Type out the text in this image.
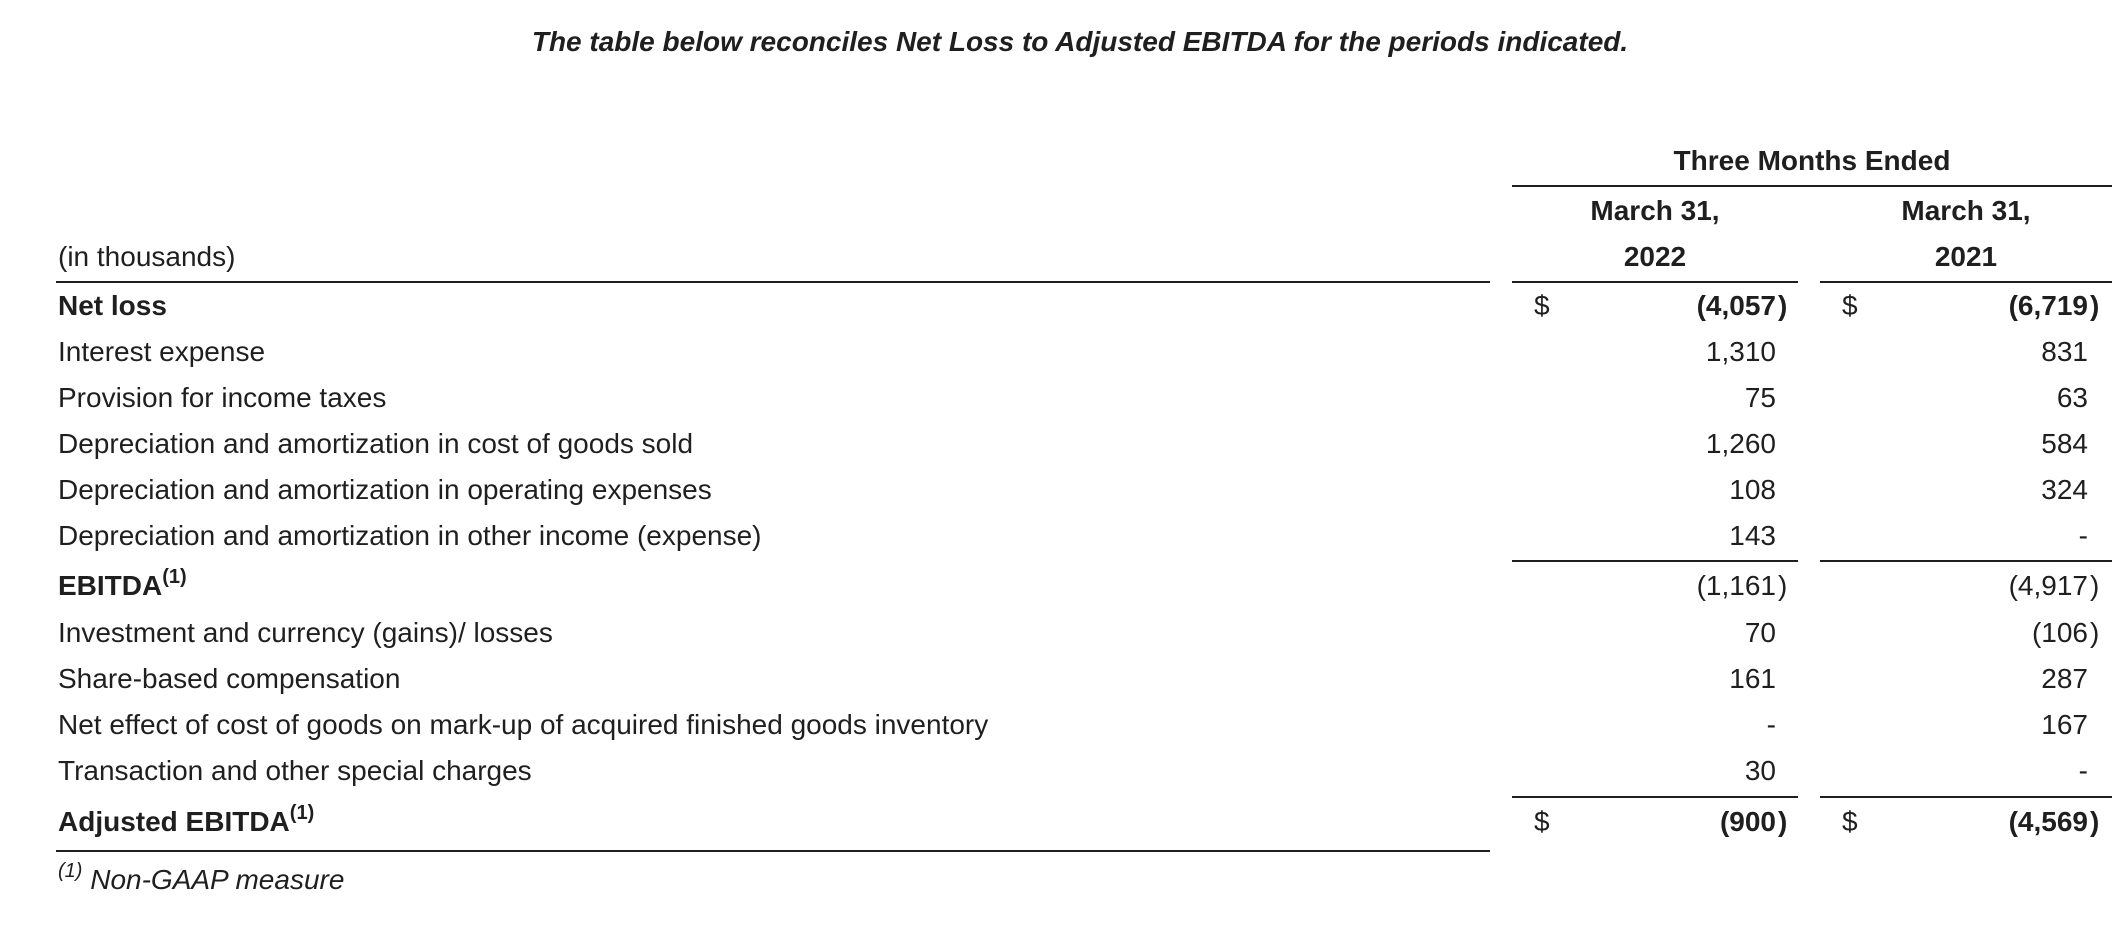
The table below reconciles Net Loss to Adjusted EBITDA for the periods indicated.
Three Months Ended
March 31,
2022
March 31,
2021
(in thousands)
Net loss	$	(4,057 ) $	(6,719 )
Interest expense	1,310	831
Provision for income taxes	75	63
Depreciation and amortization in cost of goods sold	1,260	584
Depreciation and amortization in operating expenses	108	324
Depreciation and amortization in other income (expense)	143	-
EBITDA$^{(1)}$	(1,161 )	(4,917 )
Investment and currency (gains)/ losses	70	(106 )
Share-based compensation	161	287
Net effect of cost of goods on mark-up of acquired finished goods inventory	-	167
Transaction and other special charges	30	-
Adjusted EBITDA$^{(1)}$	$	(900 ) $	(4,569 )
$^{(1)}$ Non-GAAP measure
